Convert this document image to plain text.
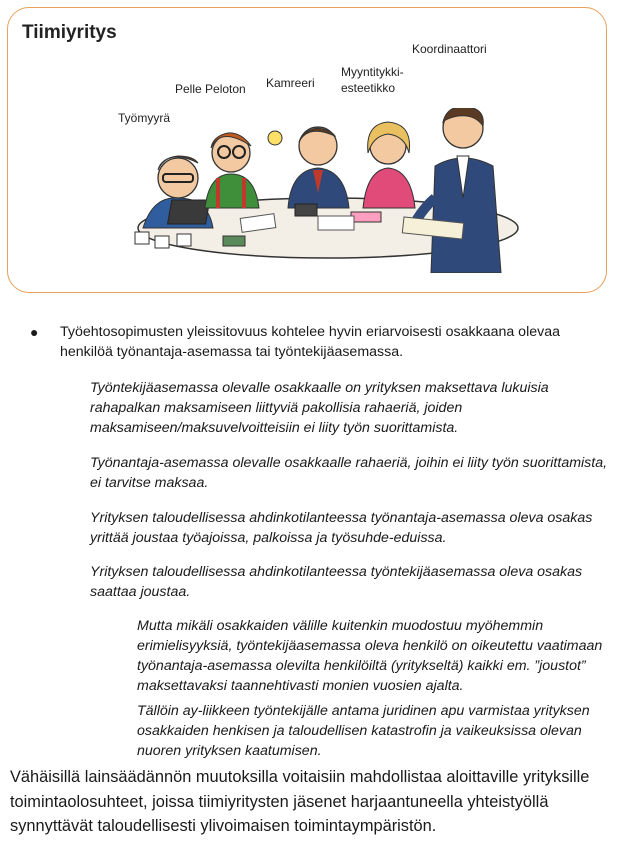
Tiimiyritys
Työmyyrä
Pelle Peloton Kamreeri
Myyntitykki-
esteetikko
Koordinaattori
● Työehtosopimusten yleissitovuus kohtelee hyvin eriarvoisesti osakkaana olevaa henkilöä työnantaja-asemassa tai työntekijäasemassa.
Työntekijäasemassa olevalle osakkaalle on yrityksen maksettava lukuisia rahapalkan maksamiseen liittyviä pakollisia rahaeriä, joiden maksamiseen/maksuvelvoitteisiin ei liity työn suorittamista.
Työnantaja-asemassa olevalle osakkaalle rahaeriä, joihin ei liity työn suorittamista, ei tarvitse maksaa.
Yrityksen taloudellisessa ahdinkotilanteessa työnantaja-asemassa oleva osakas yrittää joustaa työajoissa, palkoissa ja työsuhde-eduissa.
Yrityksen taloudellisessa ahdinkotilanteessa työntekijäasemassa oleva osakas saattaa joustaa.
Mutta mikäli osakkaiden välille kuitenkin muodostuu myöhemmin erimielisyyksiä, työntekijäasemassa oleva henkilö on oikeutettu vaatimaan työnantaja-asemassa olevilta henkilöiltä (yritykseltä) kaikki em. ”joustot” maksettavaksi taannehtivasti monien vuosien ajalta.
Tällöin ay-liikkeen työntekijälle antama juridinen apu varmistaa yrityksen osakkaiden henkisen ja taloudellisen katastrofin ja vaikeuksissa olevan nuoren yrityksen kaatumisen.
Vähäisillä lainsäädännön muutoksilla voitaisiin mahdollistaa aloittaville yrityksille toimintaolosuhteet, joissa tiimiyritysten jäsenet harjaantuneella yhteistyöllä synnyttävät taloudellisesti ylivoimaisen toimintaympäristön.
